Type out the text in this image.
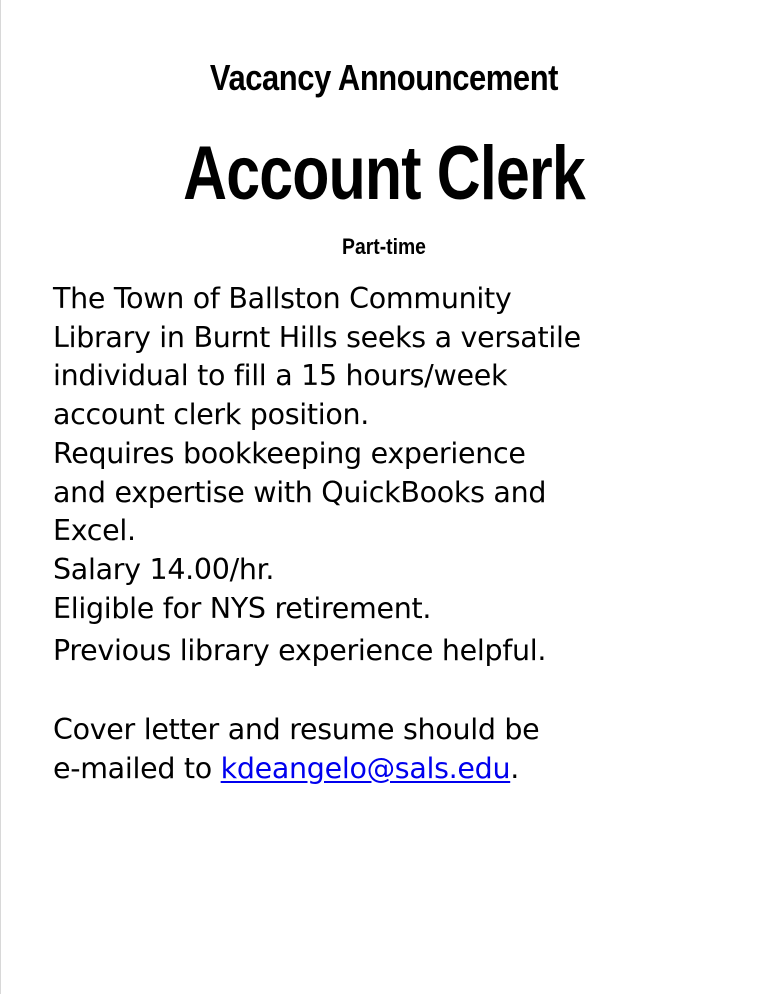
Vacancy Announcement
Account Clerk
Part-time
The Town of Ballston Community
Library in Burnt Hills seeks a versatile
individual to fill a 15 hours/week
account clerk position.
Requires bookkeeping experience
and expertise with QuickBooks and
Excel.
Salary 14.00/hr.
Eligible for NYS retirement.
Previous library experience helpful.
Cover letter and resume should be
e-mailed to kdeangelo@sals.edu.
